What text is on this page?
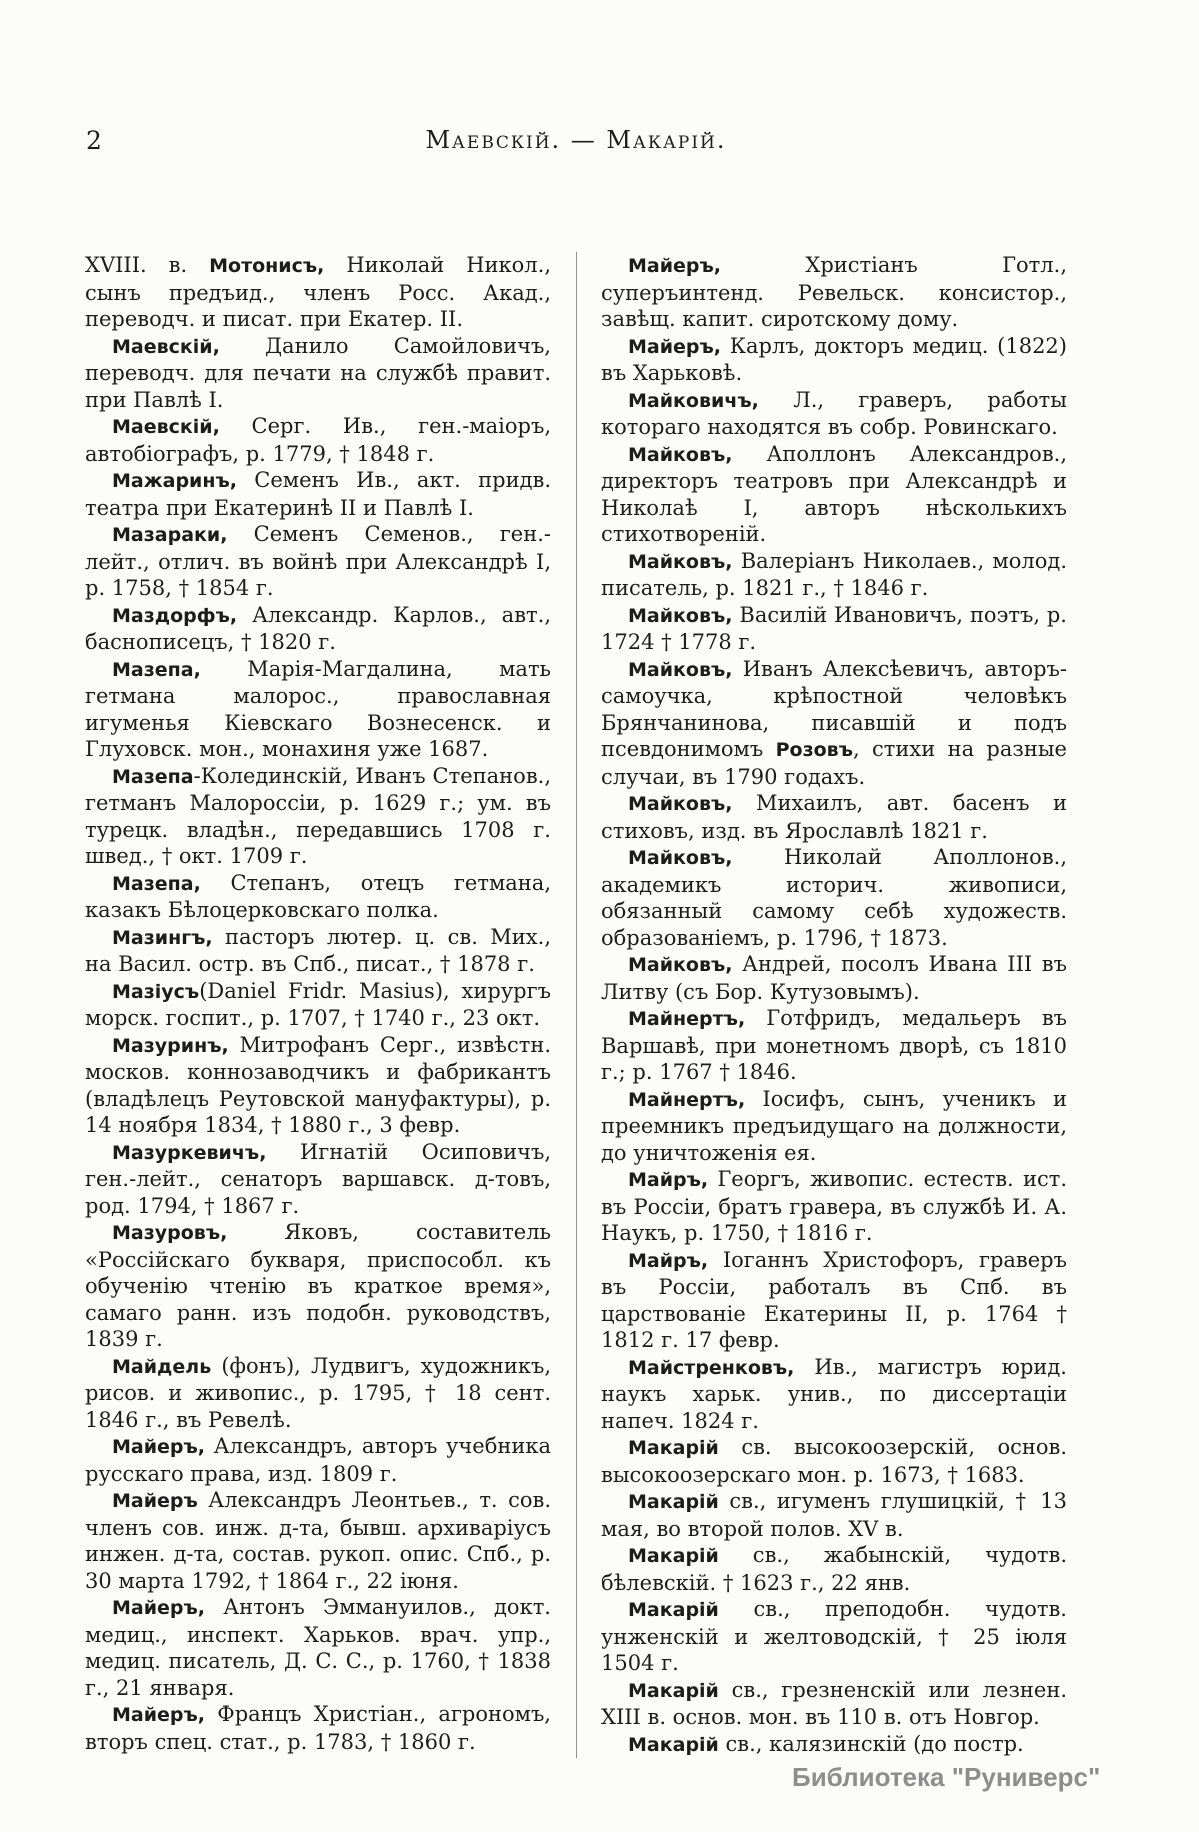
2	Маевскій. — Макарій.

XVIII. в. Мотонисъ, Николай Никол., сынъ предъид., членъ Росс. Акад., переводч. и писат. при Екатер. II.

Маевскій, Данило Самойловичъ, переводч. для печати на службѣ правит. при Павлѣ I.

Маевскій, Серг. Ив., ген.-маіоръ, автобіографъ, р. 1779, † 1848 г.

Мажаринъ, Семенъ Ив., акт. придв. театра при Екатеринѣ II и Павлѣ I.

Мазараки, Семенъ Семенов., ген.-лейт., отлич. въ войнѣ при Александрѣ I, р. 1758, † 1854 г.

Маздорфъ, Александр. Карлов., авт., баснописецъ, † 1820 г.

Мазепа, Марія-Магдалина, мать гетмана малорос., православная игуменья Кіевскаго Вознесенск. и Глуховск. мон., монахиня уже 1687.

Мазепа-Колединскій, Иванъ Степанов., гетманъ Малороссіи, р. 1629 г.; ум. въ турецк. владѣн., передавшись 1708 г. швед., † окт. 1709 г.

Мазепа, Степанъ, отецъ гетмана, казакъ Бѣлоцерковскаго полка.

Мазингъ, пасторъ лютер. ц. св. Мих., на Васил. остр. въ Спб., писат., † 1878 г.

Мазіусъ(Daniel Fridr. Masius), хирургъ морск. госпит., р. 1707, † 1740 г., 23 окт.

Мазуринъ, Митрофанъ Серг., извѣстн. москов. коннозаводчикъ и фабрикантъ (владѣлецъ Реутовской мануфактуры), р. 14 ноября 1834, † 1880 г., 3 февр.

Мазуркевичъ, Игнатій Осиповичъ, ген.-лейт., сенаторъ варшавск. д-товъ, род. 1794, † 1867 г.

Мазуровъ, Яковъ, составитель «Россійскаго букваря, приспособл. къ обученію чтенію въ краткое время», самаго ранн. изъ подобн. руководствъ, 1839 г.

Майдель (фонъ), Лудвигъ, художникъ, рисов. и живопис., р. 1795, † 18 сент. 1846 г., въ Ревелѣ.

Майеръ, Александръ, авторъ учебника русскаго права, изд. 1809 г.

Майеръ Александръ Леонтьев., т. сов. членъ сов. инж. д-та, бывш. архиваріусъ инжен. д-та, состав. рукоп. опис. Спб., р. 30 марта 1792, † 1864 г., 22 іюня.

Майеръ, Антонъ Эммануилов., докт. медиц., инспект. Харьков. врач. упр., медиц. писатель, Д. С. С., р. 1760, † 1838 г., 21 января.

Майеръ, Францъ Христіан., агрономъ, вторъ спец. стат., р. 1783, † 1860 г.

Майеръ, Христіанъ Готл., суперъинтенд. Ревельск. консистор., завѣщ. капит. сиротскому дому.

Майеръ, Карлъ, докторъ медиц. (1822) въ Харьковѣ.

Майковичъ, Л., граверъ, работы котораго находятся въ собр. Ровинскаго.

Майковъ, Аполлонъ Александров., директоръ театровъ при Александрѣ и Николаѣ I, авторъ нѣсколькихъ стихотвореній.

Майковъ, Валеріанъ Николаев., молод. писатель, р. 1821 г., † 1846 г.

Майковъ, Василій Ивановичъ, поэтъ, р. 1724 † 1778 г.

Майковъ, Иванъ Алексѣевичъ, авторъ-самоучка, крѣпостной человѣкъ Брянчанинова, писавшій и подъ псевдонимомъ Розовъ, стихи на разные случаи, въ 1790 годахъ.

Майковъ, Михаилъ, авт. басенъ и стиховъ, изд. въ Ярославлѣ 1821 г.

Майковъ, Николай Аполлонов., академикъ историч. живописи, обязанный самому себѣ художеств. образованіемъ, р. 1796, † 1873.

Майковъ, Андрей, посолъ Ивана III въ Литву (съ Бор. Кутузовымъ).

Майнертъ, Готфридъ, медальеръ въ Варшавѣ, при монетномъ дворѣ, съ 1810 г.; р. 1767 † 1846.

Майнертъ, Іосифъ, сынъ, ученикъ и преемникъ предъидущаго на должности, до уничтоженія ея.

Майръ, Георгъ, живопис. естеств. ист. въ Россіи, братъ гравера, въ службѣ И. А. Наукъ, р. 1750, † 1816 г.

Майръ, Іоганнъ Христофоръ, граверъ въ Россіи, работалъ въ Спб. въ царствованіе Екатерины II, р. 1764 † 1812 г. 17 февр.

Майстренковъ, Ив., магистръ юрид. наукъ харьк. унив., по диссертаціи напеч. 1824 г.

Макарій св. высокоозерскій, основ. высокоозерскаго мон. р. 1673, † 1683.

Макарій св., игуменъ глушицкій, † 13 мая, во второй полов. XV в.

Макарій св., жабынскій, чудотв. бѣлевскій. † 1623 г., 22 янв.

Макарій св., преподобн. чудотв. унженскій и желтоводскій, † 25 іюля 1504 г.

Макарій св., грезненскій или лезнен. XIII в. основ. мон. въ 110 в. отъ Новгор.

Макарій св., калязинскій (до постр.

Библиотека "Руниверс"
